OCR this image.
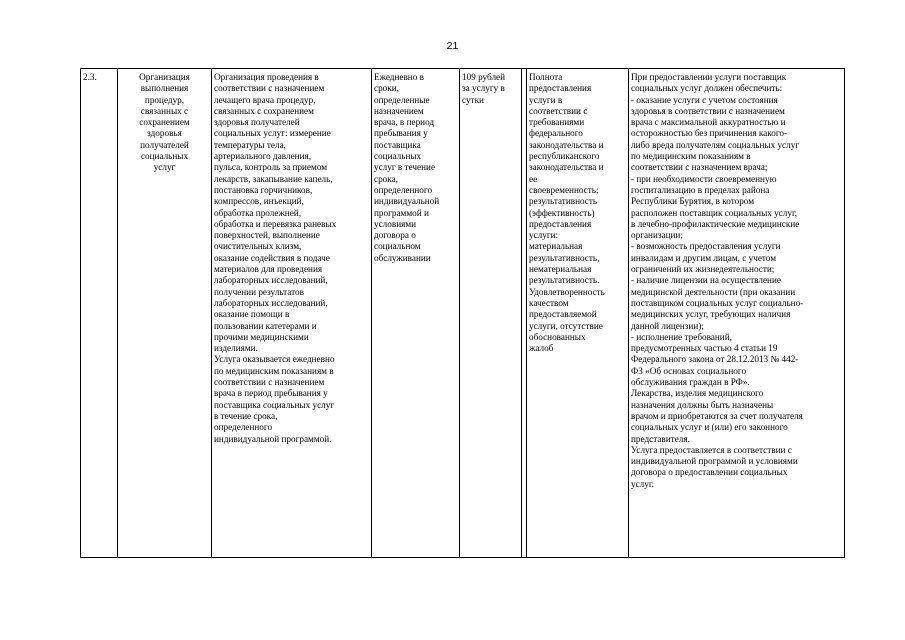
21
2.3.	Организация
выполнения
процедур,
связанных с
сохранением
здоровья
получателей
социальных
услуг	Организация проведения в
соответствии с назначением
лечащего врача процедур,
связанных с сохранением
здоровья получателей
социальных услуг: измерение
температуры тела,
артериального давления,
пульса, контроль за приемом
лекарств, закапывание капель,
постановка горчичников,
компрессов, инъекций,
обработка пролежней,
обработка и перевязка раневых
поверхностей, выполнение
очистительных клизм,
оказание содействия в подаче
материалов для проведения
лабораторных исследований,
получении результатов
лабораторных исследований,
оказание помощи в
пользовании катетерами и
прочими медицинскими
изделиями.
Услуга оказывается ежедневно
по медицинским показаниям в
соответствии с назначением
врача в период пребывания у
поставщика социальных услуг
в течение срока,
определенного
индивидуальной программой.	Ежедневно в
сроки,
определенные
назначением
врача, в период
пребывания у
поставщика
социальных
услуг в течение
срока,
определенного
индивидуальной
программой и
условиями
договора о
социальном
обслуживании	109 рублей
за услугу в
сутки		Полнота
предоставления
услуги в
соответствии с
требованиями
федерального
законодательства и
республиканского
законодательства и
ее
своевременность;
результативность
(эффективность)
предоставления
услуги:
материальная
результативность,
нематериальная
результативность.
Удовлетворенность
качеством
предоставляемой
услуги, отсутствие
обоснованных
жалоб	При предоставлении услуги поставщик
социальных услуг должен обеспечить:
- оказание услуги с учетом состояния
здоровья в соответствии с назначением
врача с максимальной аккуратностью и
осторожностью без причинения какого-
либо вреда получателям социальных услуг
по медицинским показаниям в
соответствии с назначением врача;
- при необходимости своевременную
госпитализацию в пределах района
Республики Бурятия, в котором
расположен поставщик социальных услуг,
в лечебно-профилактические медицинские
организации;
- возможность предоставления услуги
инвалидам и другим лицам, с учетом
ограничений их жизнедеятельности;
- наличие лицензии на осуществление
медицинской деятельности (при оказании
поставщиком социальных услуг социально-
медицинских услуг, требующих наличия
данной лицензии);
- исполнение требований,
предусмотренных частью 4 статьи 19
Федерального закона от 28.12.2013 № 442-
ФЗ «Об основах социального
обслуживания граждан в РФ».
Лекарства, изделия медицинского
назначения должны быть назначены
врачом и приобретаются за счет получателя
социальных услуг и (или) его законного
представителя.
Услуга предоставляется в соответствии с
индивидуальной программой и условиями
договора о предоставлении социальных
услуг.
